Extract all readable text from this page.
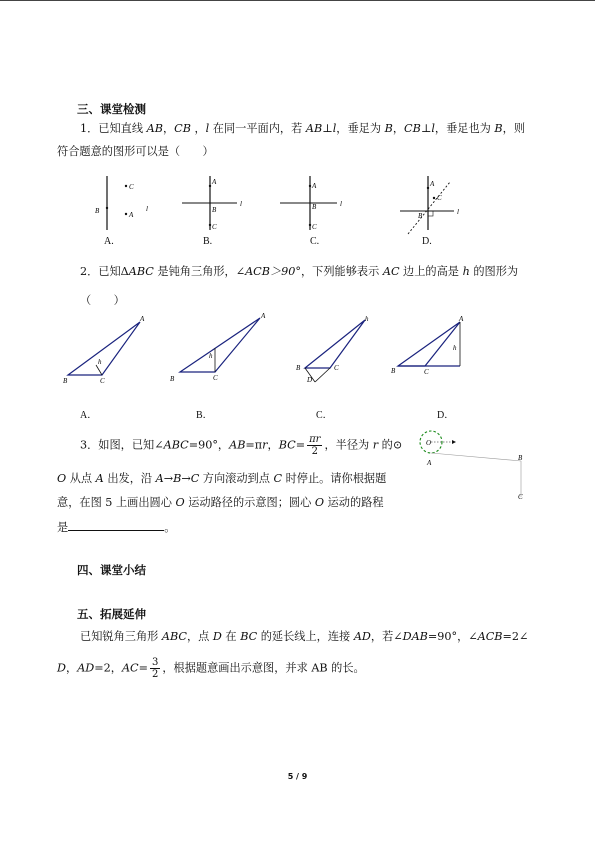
三、课堂检测
1．已知直线 AB，CB ，l 在同一平面内，若 AB⊥l，垂足为 B，CB⊥l，垂足也为 B，则
符合题意的图形可以是（　　）
C
A
B	l
A
B
C
l
A
B
C
l
A
C
B	l
A.	B.	C.	D.
2．已知ΔABC 是钝角三角形，∠ACB＞90°，下列能够表示 AC 边上的高是 h 的图形为
（　　）
A
B	C
h
A
B	C
h
h
B	C
D
A
B	C
h
A．	B．	C．	D．
3．如图，已知∠ABC=90°，AB=πr，$BC= \frac{\pi r}{2}$ ，半径为 r 的⊙
O 从点 A 出发，沿 A→B→C 方向滚动到点 C 时停止。请你根据题
意，在图 5 上画出圆心 O 运动路径的示意图；圆心 O 运动的路程
是	。
O
A
B
C
四、课堂小结
五、拓展延伸
已知锐角三角形 ABC，点 D 在 BC 的延长线上，连接 AD，若∠DAB=90°，∠ACB=2∠
D，AD=2，$AC= \frac{3}{2}$ ，根据题意画出示意图，并求 AB 的长。
5 / 9
